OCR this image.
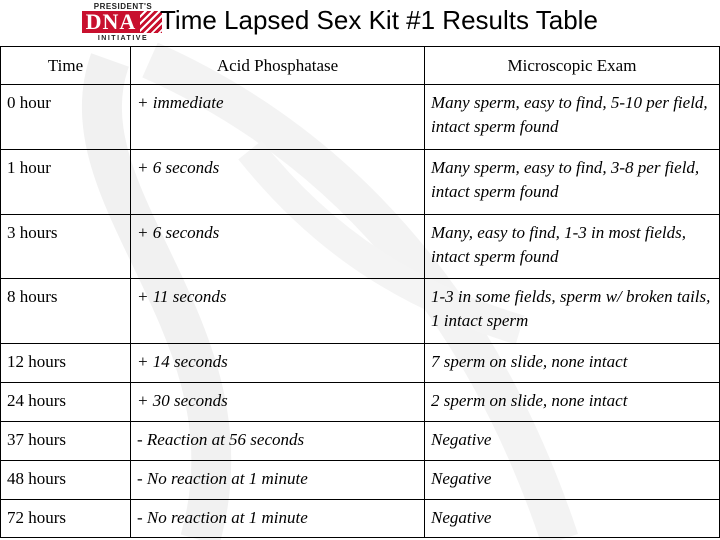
PRESIDENT'S
DNA
INITIATIVE
Time Lapsed Sex Kit #1 Results Table
Time	Acid Phosphatase	Microscopic Exam
0 hour	+ immediate	Many sperm, easy to find, 5-10 per field, intact sperm found
1 hour	+ 6 seconds	Many sperm, easy to find, 3-8 per field, intact sperm found
3 hours	+ 6 seconds	Many, easy to find, 1-3 in most fields, intact sperm found
8 hours	+ 11 seconds	1-3 in some fields, sperm w/ broken tails, 1 intact sperm
12 hours	+ 14 seconds	7 sperm on slide, none intact
24 hours	+ 30 seconds	2 sperm on slide, none intact
37 hours	- Reaction at 56 seconds	Negative
48 hours	- No reaction at 1 minute	Negative
72 hours	- No reaction at 1 minute	Negative
